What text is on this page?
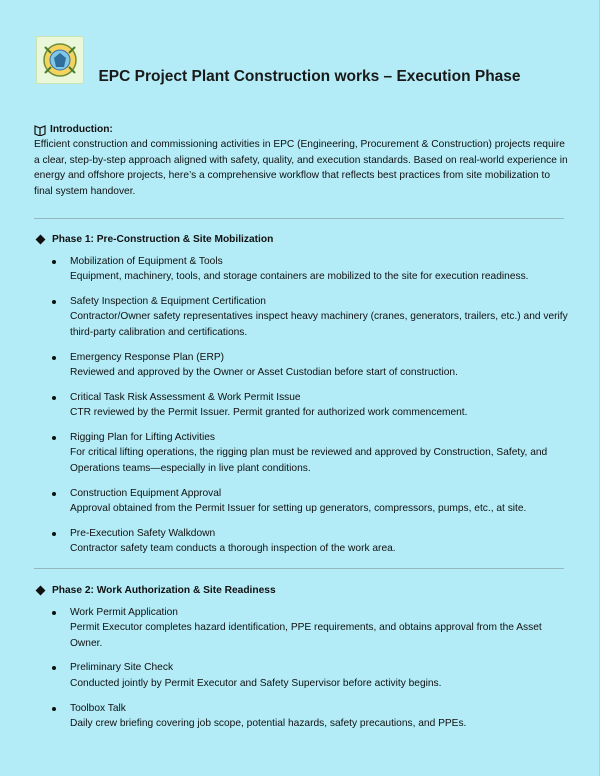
EPC Project Plant Construction works – Execution Phase
Introduction:
Efficient construction and commissioning activities in EPC (Engineering, Procurement & Construction) projects require a clear, step-by-step approach aligned with safety, quality, and execution standards. Based on real-world experience in energy and offshore projects, here’s a comprehensive workflow that reflects best practices from site mobilization to final system handover.
Phase 1: Pre-Construction & Site Mobilization
Mobilization of Equipment & Tools
Equipment, machinery, tools, and storage containers are mobilized to the site for execution readiness.
Safety Inspection & Equipment Certification
Contractor/Owner safety representatives inspect heavy machinery (cranes, generators, trailers, etc.) and verify third-party calibration and certifications.
Emergency Response Plan (ERP)
Reviewed and approved by the Owner or Asset Custodian before start of construction.
Critical Task Risk Assessment & Work Permit Issue
CTR reviewed by the Permit Issuer. Permit granted for authorized work commencement.
Rigging Plan for Lifting Activities
For critical lifting operations, the rigging plan must be reviewed and approved by Construction, Safety, and Operations teams—especially in live plant conditions.
Construction Equipment Approval
Approval obtained from the Permit Issuer for setting up generators, compressors, pumps, etc., at site.
Pre-Execution Safety Walkdown
Contractor safety team conducts a thorough inspection of the work area.
Phase 2: Work Authorization & Site Readiness
Work Permit Application
Permit Executor completes hazard identification, PPE requirements, and obtains approval from the Asset Owner.
Preliminary Site Check
Conducted jointly by Permit Executor and Safety Supervisor before activity begins.
Toolbox Talk
Daily crew briefing covering job scope, potential hazards, safety precautions, and PPEs.
